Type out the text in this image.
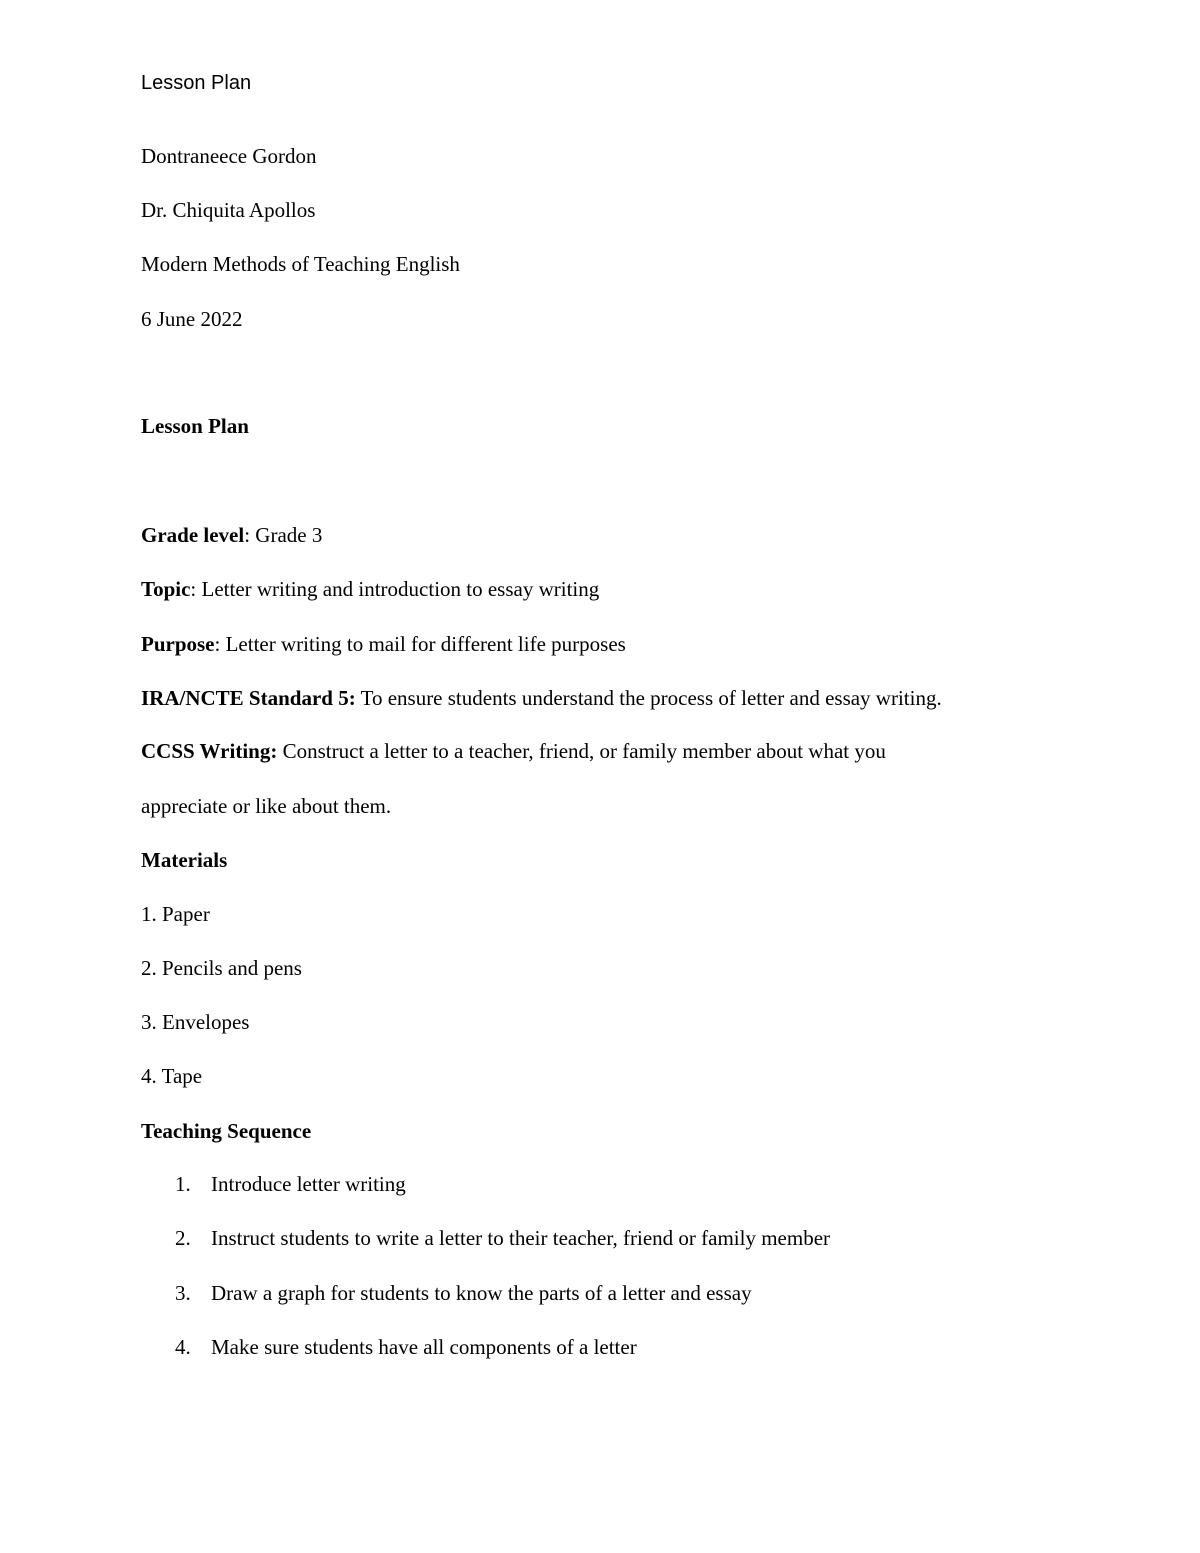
Lesson Plan
Dontraneece Gordon
Dr. Chiquita Apollos
Modern Methods of Teaching English
6 June 2022
Lesson Plan
Grade level: Grade 3
Topic: Letter writing and introduction to essay writing
Purpose: Letter writing to mail for different life purposes
IRA/NCTE Standard 5: To ensure students understand the process of letter and essay writing.
CCSS Writing: Construct a letter to a teacher, friend, or family member about what you
appreciate or like about them.
Materials
1. Paper
2. Pencils and pens
3. Envelopes
4. Tape
Teaching Sequence
1. Introduce letter writing
2. Instruct students to write a letter to their teacher, friend or family member
3. Draw a graph for students to know the parts of a letter and essay
4. Make sure students have all components of a letter
